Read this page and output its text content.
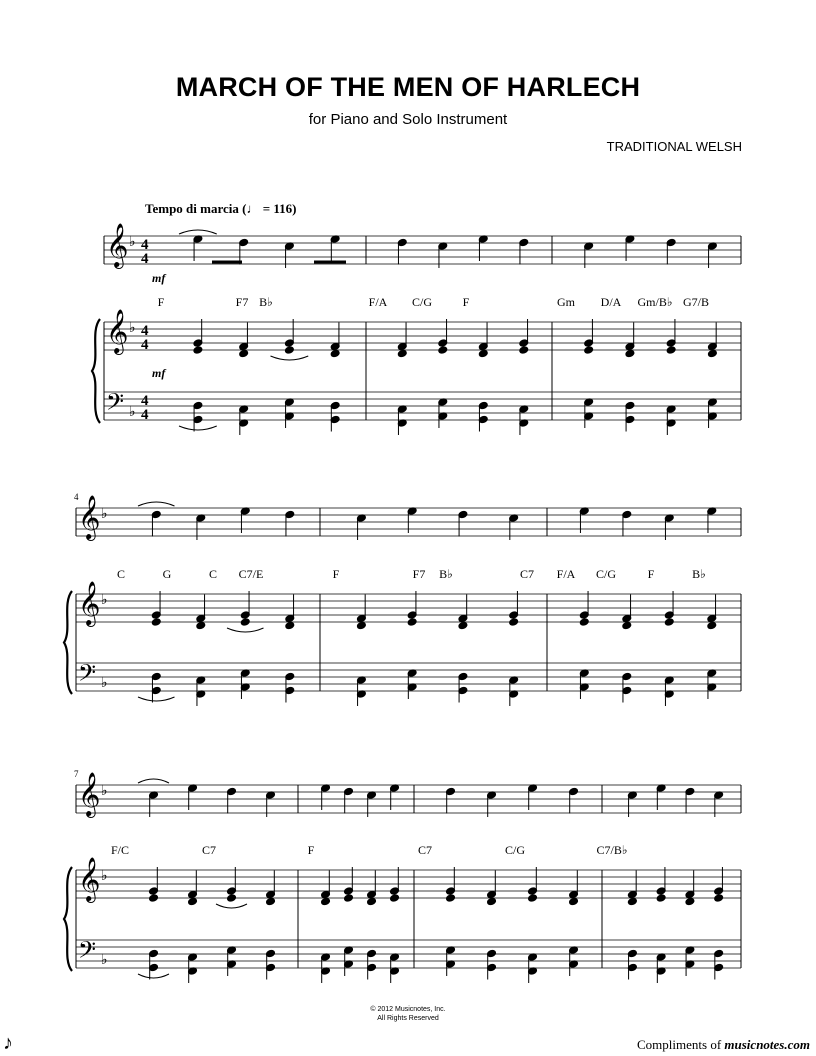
MARCH OF THE MEN OF HARLECH
for Piano and Solo Instrument
TRADITIONAL WELSH
Tempo di marcia (♩ = 116)
𝄞
𝄞
𝄢
♭ 4
4
♭ 4
4
♭
4
4
F	F7 B♭	F/A C/G	F	Gm D/A Gm/B♭ G7/B
mf
mf
𝄞
𝄞
𝄢
♭
♭
♭
4
C	G	C C7/E	F	F7 B♭	C7 F/A C/G	F	B♭
𝄞
𝄞
𝄢
♭
♭
♭
7
F/C	C7	F	C7	C/G	C7/B♭
© 2012 Musicnotes, Inc.
All Rights Reserved
♪	Compliments of musicnotes.com
